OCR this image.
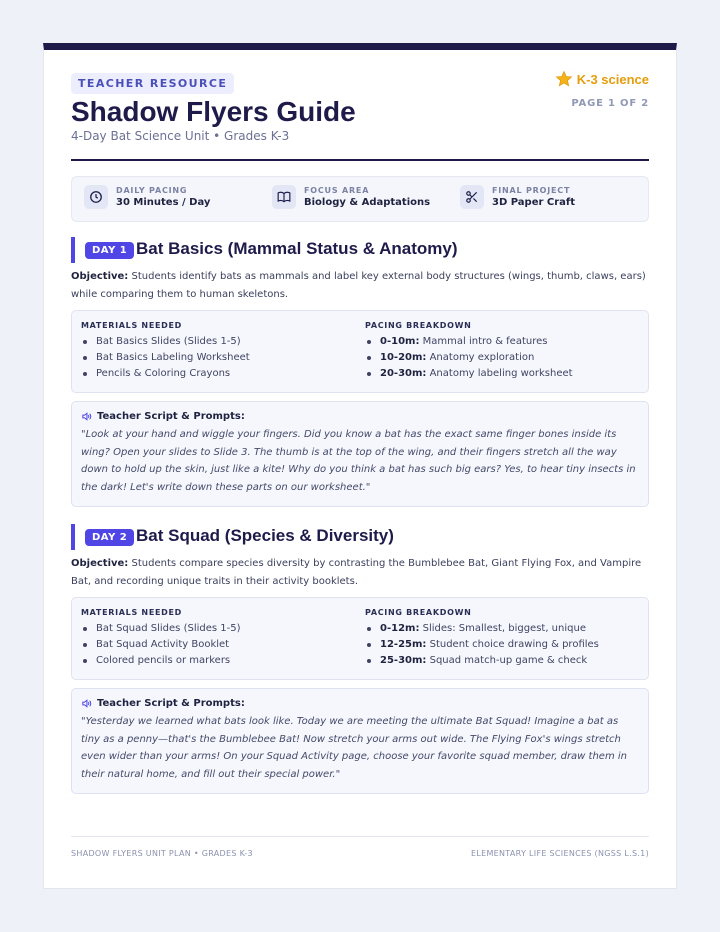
TEACHER RESOURCE	K-3 science
PAGE 1 OF 2
Shadow Flyers Guide
4-Day Bat Science Unit • Grades K-3
DAILY PACING
30 Minutes / Day
FOCUS AREA
Biology & Adaptations
FINAL PROJECT
3D Paper Craft
DAY 1 Bat Basics (Mammal Status & Anatomy)
Objective: Students identify bats as mammals and label key external body structures (wings, thumb, claws, ears) while comparing them to human skeletons.
MATERIALS NEEDED
Bat Basics Slides (Slides 1-5)
Bat Basics Labeling Worksheet
Pencils & Coloring Crayons
PACING BREAKDOWN
0-10m: Mammal intro & features
10-20m: Anatomy exploration
20-30m: Anatomy labeling worksheet
Teacher Script & Prompts:
"Look at your hand and wiggle your fingers. Did you know a bat has the exact same finger bones inside its wing? Open your slides to Slide 3. The thumb is at the top of the wing, and their fingers stretch all the way down to hold up the skin, just like a kite! Why do you think a bat has such big ears? Yes, to hear tiny insects in the dark! Let's write down these parts on our worksheet."
DAY 2 Bat Squad (Species & Diversity)
Objective: Students compare species diversity by contrasting the Bumblebee Bat, Giant Flying Fox, and Vampire Bat, and recording unique traits in their activity booklets.
MATERIALS NEEDED
Bat Squad Slides (Slides 1-5)
Bat Squad Activity Booklet
Colored pencils or markers
PACING BREAKDOWN
0-12m: Slides: Smallest, biggest, unique
12-25m: Student choice drawing & profiles
25-30m: Squad match-up game & check
Teacher Script & Prompts:
"Yesterday we learned what bats look like. Today we are meeting the ultimate Bat Squad! Imagine a bat as tiny as a penny—that's the Bumblebee Bat! Now stretch your arms out wide. The Flying Fox's wings stretch even wider than your arms! On your Squad Activity page, choose your favorite squad member, draw them in their natural home, and fill out their special power."
SHADOW FLYERS UNIT PLAN • GRADES K-3	ELEMENTARY LIFE SCIENCES (NGSS L.S.1)
